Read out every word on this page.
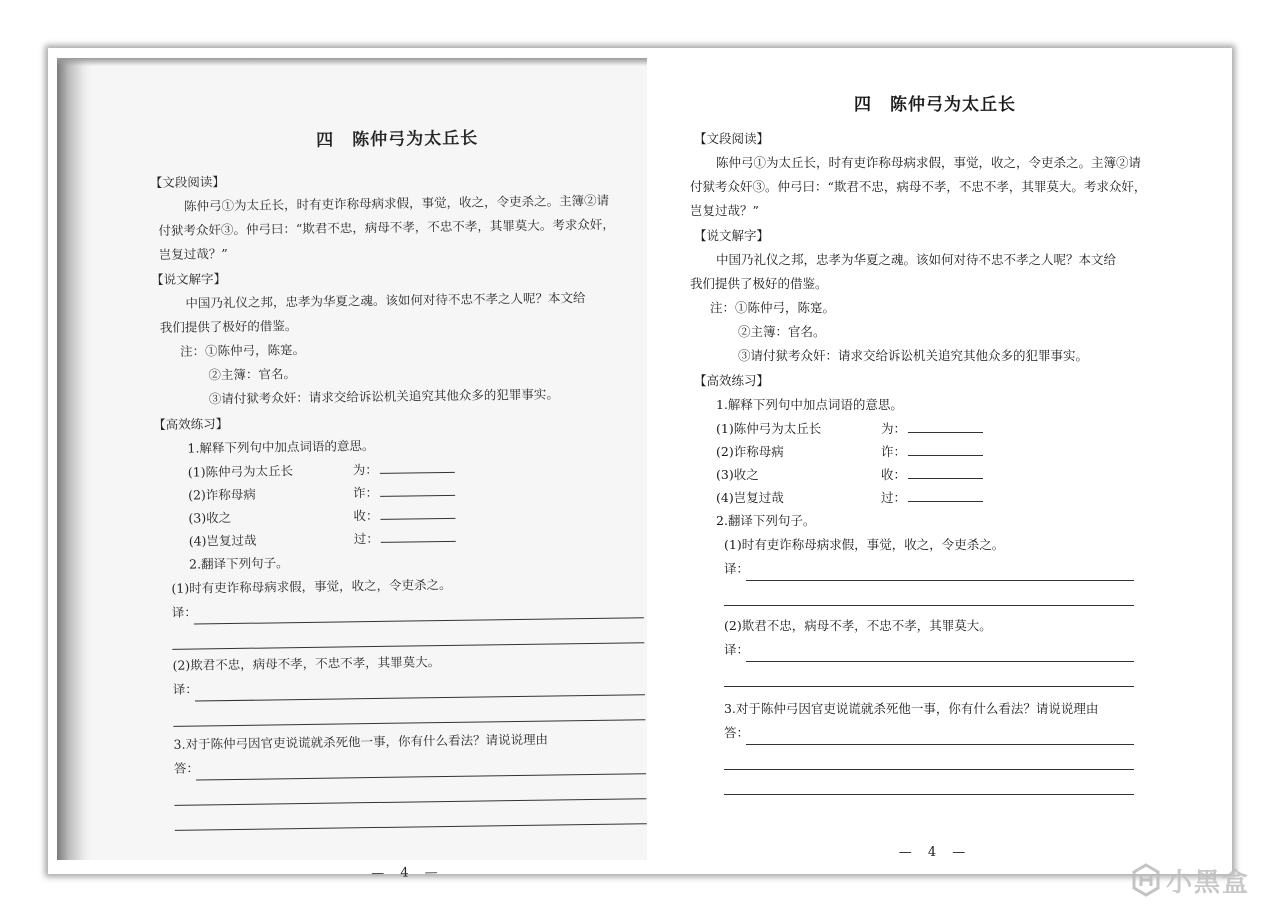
四　陈仲弓为太丘长
【文段阅读】
陈仲弓①为太丘长，时有吏诈称母病求假，事觉，收之，令吏杀之。主簿②请
付狱考众奸③。仲弓曰：“欺君不忠，病母不孝，不忠不孝，其罪莫大。考求众奸，
岂复过哉？”
【说文解字】
中国乃礼仪之邦，忠孝为华夏之魂。该如何对待不忠不孝之人呢？本文给
我们提供了极好的借鉴。
注：①陈仲弓，陈寔。
②主簿：官名。
③请付狱考众奸：请求交给诉讼机关追究其他众多的犯罪事实。
【高效练习】
1.解释下列句中加点词语的意思。
(1)陈仲弓为太丘长	为：
(2)诈称母病	诈：
(3)收之	收：
(4)岂复过哉	过：
2.翻译下列句子。
(1)时有吏诈称母病求假，事觉，收之，令吏杀之。
译：
(2)欺君不忠，病母不孝，不忠不孝，其罪莫大。
译：
3.对于陈仲弓因官吏说谎就杀死他一事，你有什么看法？请说说理由
答：
— 4 —
四　陈仲弓为太丘长
【文段阅读】
陈仲弓①为太丘长，时有吏诈称母病求假，事觉，收之，令吏杀之。主簿②请
付狱考众奸③。仲弓曰：“欺君不忠，病母不孝，不忠不孝，其罪莫大。考求众奸，
岂复过哉？”
【说文解字】
中国乃礼仪之邦，忠孝为华夏之魂。该如何对待不忠不孝之人呢？本文给
我们提供了极好的借鉴。
注：①陈仲弓，陈寔。
②主簿：官名。
③请付狱考众奸：请求交给诉讼机关追究其他众多的犯罪事实。
【高效练习】
1.解释下列句中加点词语的意思。
(1)陈仲弓为太丘长	为：
(2)诈称母病	诈：
(3)收之	收：
(4)岂复过哉	过：
2.翻译下列句子。
(1)时有吏诈称母病求假，事觉，收之，令吏杀之。
译：
(2)欺君不忠，病母不孝，不忠不孝，其罪莫大。
译：
3.对于陈仲弓因官吏说谎就杀死他一事，你有什么看法？请说说理由
答：
— 4 —
小黑盒
